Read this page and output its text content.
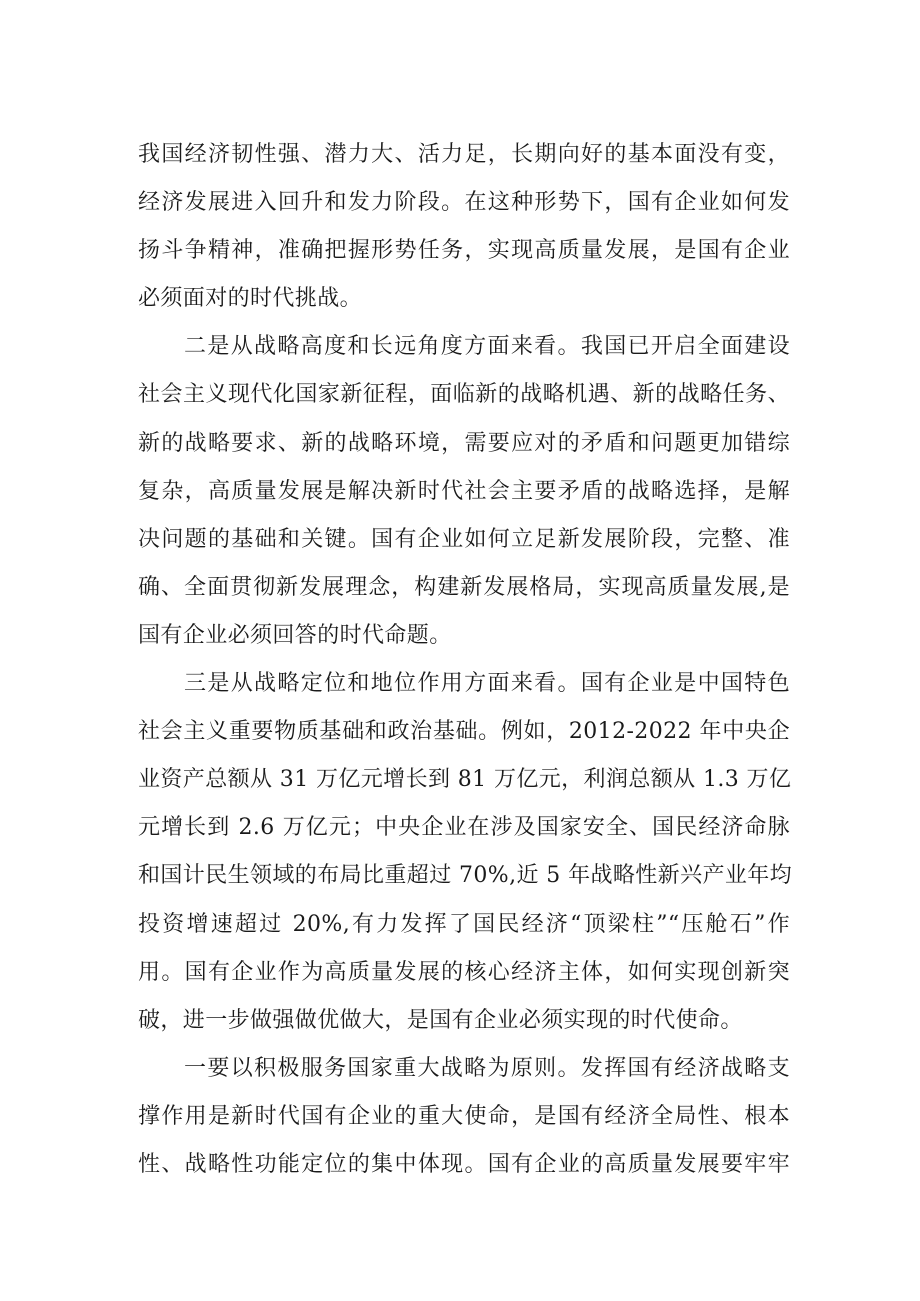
我国经济韧性强、潜力大、活力足，长期向好的基本面没有变，
经济发展进入回升和发力阶段。在这种形势下，国有企业如何发
扬斗争精神，准确把握形势任务，实现高质量发展，是国有企业
必须面对的时代挑战。
二是从战略高度和长远角度方面来看。我国已开启全面建设
社会主义现代化国家新征程，面临新的战略机遇、新的战略任务、
新的战略要求、新的战略环境，需要应对的矛盾和问题更加错综
复杂，高质量发展是解决新时代社会主要矛盾的战略选择，是解
决问题的基础和关键。国有企业如何立足新发展阶段，完整、准
确、全面贯彻新发展理念，构建新发展格局，实现高质量发展,是
国有企业必须回答的时代命题。
三是从战略定位和地位作用方面来看。国有企业是中国特色
社会主义重要物质基础和政治基础。例如，2012-2022 年中央企
业资产总额从 31 万亿元增长到 81 万亿元，利润总额从 1.3 万亿
元增长到 2.6 万亿元；中央企业在涉及国家安全、国民经济命脉
和国计民生领域的布局比重超过 70%,近 5 年战略性新兴产业年均
投资增速超过 20%,有力发挥了国民经济“顶梁柱”“压舱石”作
用。国有企业作为高质量发展的核心经济主体，如何实现创新突
破，进一步做强做优做大，是国有企业必须实现的时代使命。
一要以积极服务国家重大战略为原则。发挥国有经济战略支
撑作用是新时代国有企业的重大使命，是国有经济全局性、根本
性、战略性功能定位的集中体现。国有企业的高质量发展要牢牢
